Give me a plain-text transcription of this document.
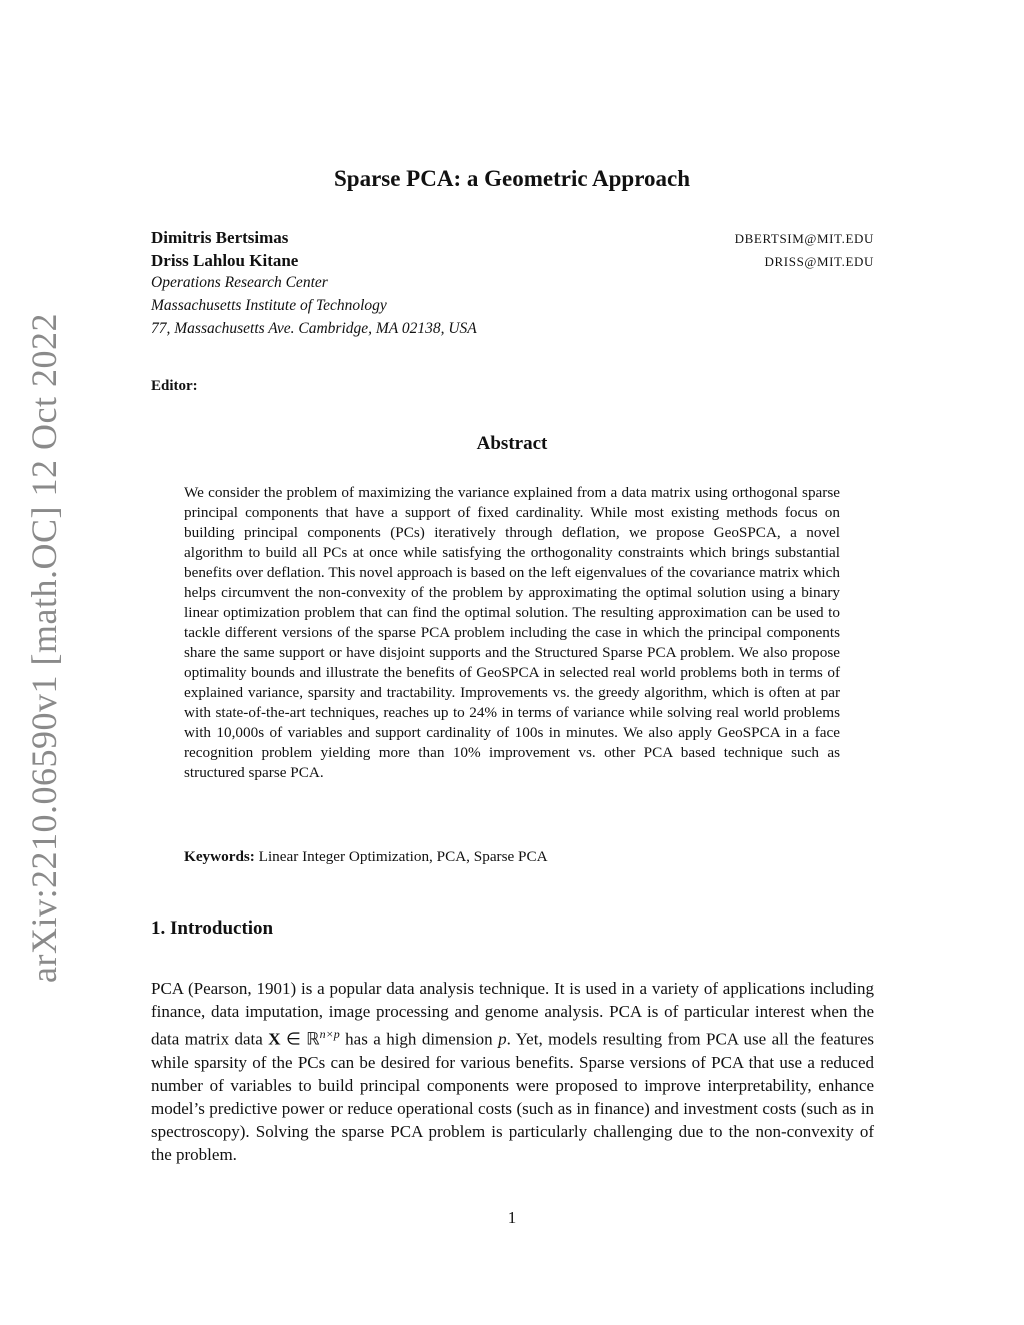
arXiv:2210.06590v1 [math.OC] 12 Oct 2022
Sparse PCA: a Geometric Approach
Dimitris Bertsimas	DBERTSIM@MIT.EDU
Driss Lahlou Kitane	DRISS@MIT.EDU
Operations Research Center
Massachusetts Institute of Technology
77, Massachusetts Ave. Cambridge, MA 02138, USA
Editor:
Abstract

We consider the problem of maximizing the variance explained from a data matrix using orthogonal sparse principal components that have a support of fixed cardinality. While most existing methods focus on building principal components (PCs) iteratively through deflation, we propose GeoSPCA, a novel algorithm to build all PCs at once while satisfying the orthogonality constraints which brings substantial benefits over deflation. This novel approach is based on the left eigenvalues of the covariance matrix which helps circumvent the non-convexity of the problem by approximating the optimal solution using a binary linear optimization problem that can find the optimal solution. The resulting approximation can be used to tackle different versions of the sparse PCA problem including the case in which the principal components share the same support or have disjoint supports and the Structured Sparse PCA problem. We also propose optimality bounds and illustrate the benefits of GeoSPCA in selected real world problems both in terms of explained variance, sparsity and tractability. Improvements vs. the greedy algorithm, which is often at par with state-of-the-art techniques, reaches up to 24% in terms of variance while solving real world problems with 10,000s of variables and support cardinality of 100s in minutes. We also apply GeoSPCA in a face recognition problem yielding more than 10% improvement vs. other PCA based technique such as structured sparse PCA.

Keywords: Linear Integer Optimization, PCA, Sparse PCA
1. Introduction

PCA (Pearson, 1901) is a popular data analysis technique. It is used in a variety of applications including finance, data imputation, image processing and genome analysis. PCA is of particular interest when the data matrix data X ∈ ℝ$^{n\times p}$ has a high dimension p. Yet, models resulting from PCA use all the features while sparsity of the PCs can be desired for various benefits. Sparse versions of PCA that use a reduced number of variables to build principal components were proposed to improve interpretability, enhance model’s predictive power or reduce operational costs (such as in finance) and investment costs (such as in spectroscopy). Solving the sparse PCA problem is particularly challenging due to the non-convexity of the problem.

1
